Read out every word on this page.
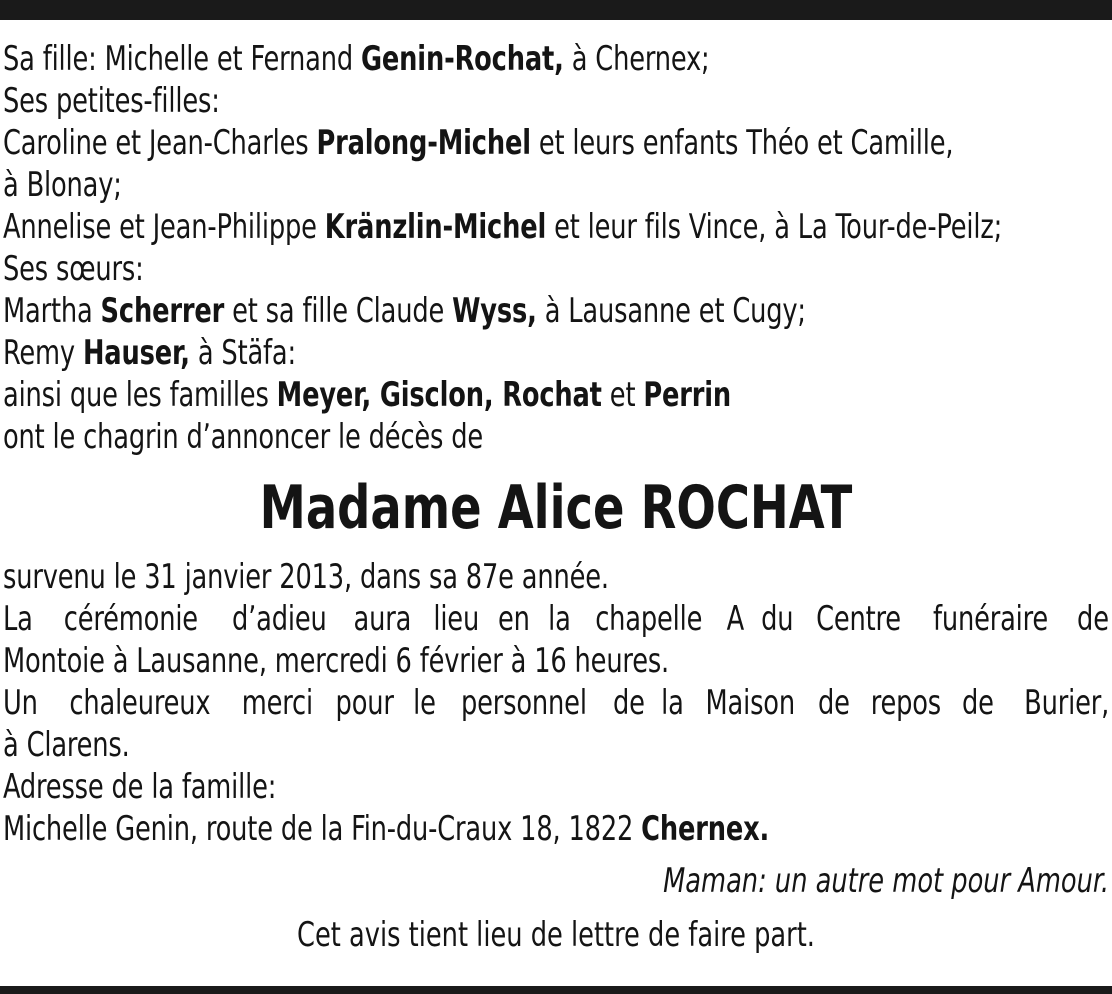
Sa fille: Michelle et Fernand Genin-Rochat, à Chernex;
Ses petites-filles:
Caroline et Jean-Charles Pralong-Michel et leurs enfants Théo et Camille,
à Blonay;
Annelise et Jean-Philippe Kränzlin-Michel et leur fils Vince, à La Tour-de-Peilz;
Ses sœurs:
Martha Scherrer et sa fille Claude Wyss, à Lausanne et Cugy;
Remy Hauser, à Stäfa:
ainsi que les familles Meyer, Gisclon, Rochat et Perrin
ont le chagrin d’annoncer le décès de
Madame Alice ROCHAT
survenu le 31 janvier 2013, dans sa 87e année.
La cérémonie d’adieu aura lieu en la chapelle A du Centre funéraire de
Montoie à Lausanne, mercredi 6 février à 16 heures.
Un chaleureux merci pour le personnel de la Maison de repos de Burier,
à Clarens.
Adresse de la famille:
Michelle Genin, route de la Fin-du-Craux 18, 1822 Chernex.
Maman: un autre mot pour Amour.
Cet avis tient lieu de lettre de faire part.
